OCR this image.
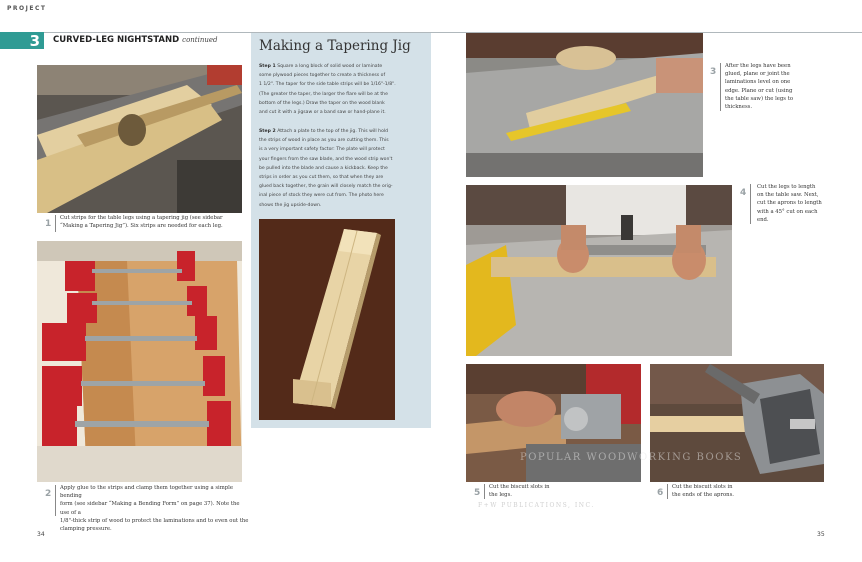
PROJECT
3	CURVED-LEG NIGHTSTAND continued
1
Cut strips for the table legs using a tapering jig (see sidebar
“Making a Tapering Jig”). Six strips are needed for each leg.
2
Apply glue to the strips and clamp them together using a simple bending
form (see sidebar “Making a Bending Form” on page 37). Note the use of a
1/8"-thick strip of wood to protect the laminations and to even out the
clamping pressure.
Making a Tapering Jig
Step 1 Square a long block of solid wood or laminate
some plywood pieces together to create a thickness of
1 1/2". The taper for the side table strips will be 1/16"-1/8".
(The greater the taper, the larger the flare will be at the
bottom of the legs.) Draw the taper on the wood blank
and cut it with a jigsaw or a band saw or hand-plane it.
Step 2 Attach a plate to the top of the jig. This will hold
the strips of wood in place as you are cutting them. This
is a very important safety factor: The plate will protect
your fingers from the saw blade, and the wood strip won't
be pulled into the blade and cause a kickback. Keep the
strips in order as you cut them, so that when they are
glued back together, the grain will closely match the orig-
inal piece of stock they were cut from. The photo here
shows the jig upside-down.
3
After the legs have been
glued, plane or joint the
laminations level on one
edge. Plane or cut (using
the table saw) the legs to
thickness.
4
Cut the legs to length
on the table saw. Next,
cut the aprons to length
with a 45° cut on each
end.
5
Cut the biscuit slots in
the legs.	6
Cut the biscuit slots in
the ends of the aprons.
POPULAR WOODWORKING BOOKS
F+W PUBLICATIONS, INC.
34	35
